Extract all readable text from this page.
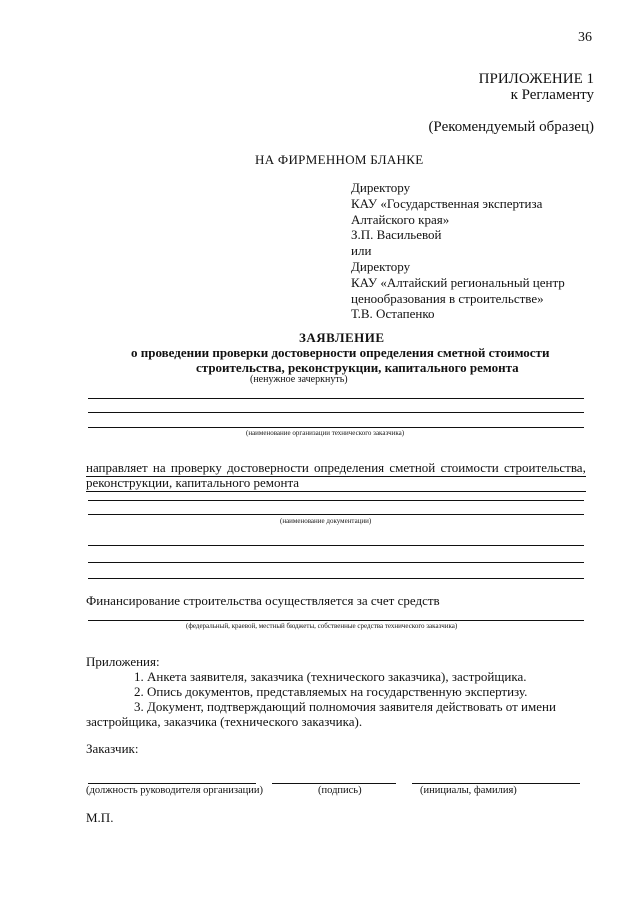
36
ПРИЛОЖЕНИЕ 1
к Регламенту
(Рекомендуемый образец)
НА ФИРМЕННОМ БЛАНКЕ
Директору
КАУ «Государственная экспертиза
Алтайского края»
З.П. Васильевой
или
Директору
КАУ «Алтайский региональный центр
ценообразования в строительстве»
Т.В. Остапенко
ЗАЯВЛЕНИЕ
о проведении проверки достоверности определения сметной стоимости
строительства, реконструкции, капитального ремонта
(ненужное зачеркнуть)
(наименование организации технического заказчика)
направляет на проверку достоверности определения сметной стоимости строительства,
реконструкции, капитального ремонта
(наименование документации)
Финансирование строительства осуществляется за счет средств
(федеральный, краевой, местный бюджеты, собственные средства технического заказчика)
Приложения:
1. Анкета заявителя, заказчика (технического заказчика), застройщика.
2. Опись документов, представляемых на государственную экспертизу.
3. Документ, подтверждающий полномочия заявителя действовать от имени
застройщика, заказчика (технического заказчика).
Заказчик:
(должность руководителя организации)	(подпись)	(инициалы, фамилия)
М.П.
